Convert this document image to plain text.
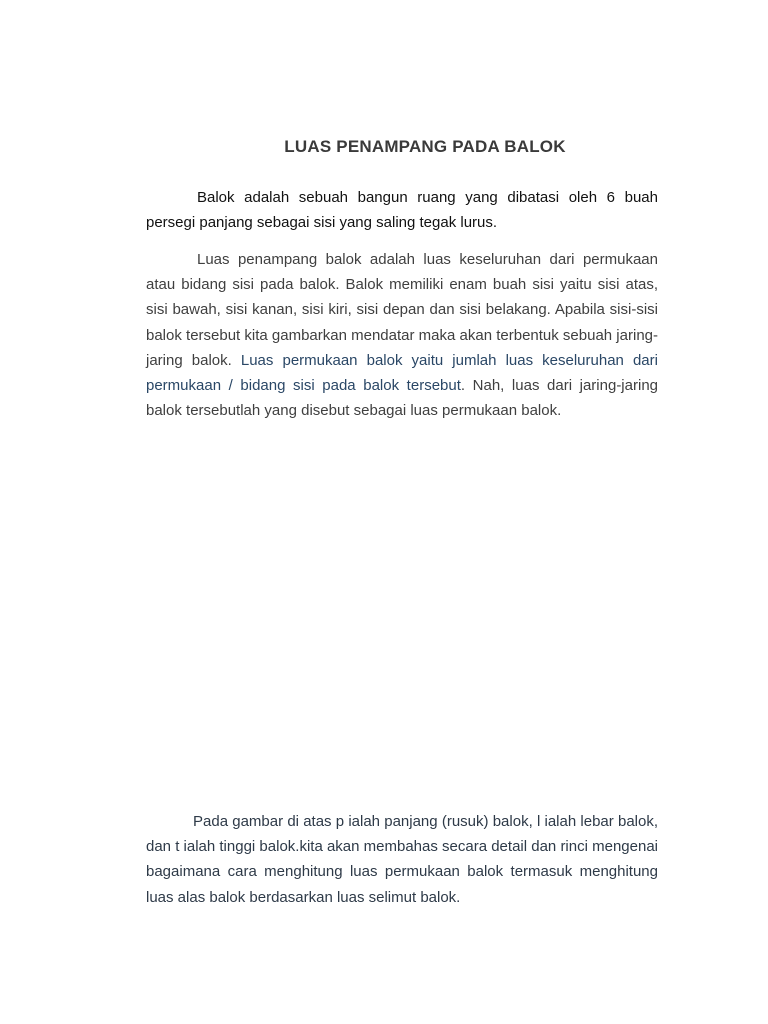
LUAS PENAMPANG PADA BALOK

Balok adalah sebuah bangun ruang yang dibatasi oleh 6 buah persegi panjang sebagai sisi yang saling tegak lurus.

Luas penampang balok adalah luas keseluruhan dari permukaan atau bidang sisi pada balok. Balok memiliki enam buah sisi yaitu sisi atas, sisi bawah, sisi kanan, sisi kiri, sisi depan dan sisi belakang. Apabila sisi-sisi balok tersebut kita gambarkan mendatar maka akan terbentuk sebuah jaring-jaring balok. Luas permukaan balok yaitu jumlah luas keseluruhan dari permukaan / bidang sisi pada balok tersebut. Nah, luas dari jaring-jaring balok tersebutlah yang disebut sebagai luas permukaan balok.

Pada gambar di atas p ialah panjang (rusuk) balok, l ialah lebar balok, dan t ialah tinggi balok.kita akan membahas secara detail dan rinci mengenai bagaimana cara menghitung luas permukaan balok termasuk menghitung luas alas balok berdasarkan luas selimut balok.
